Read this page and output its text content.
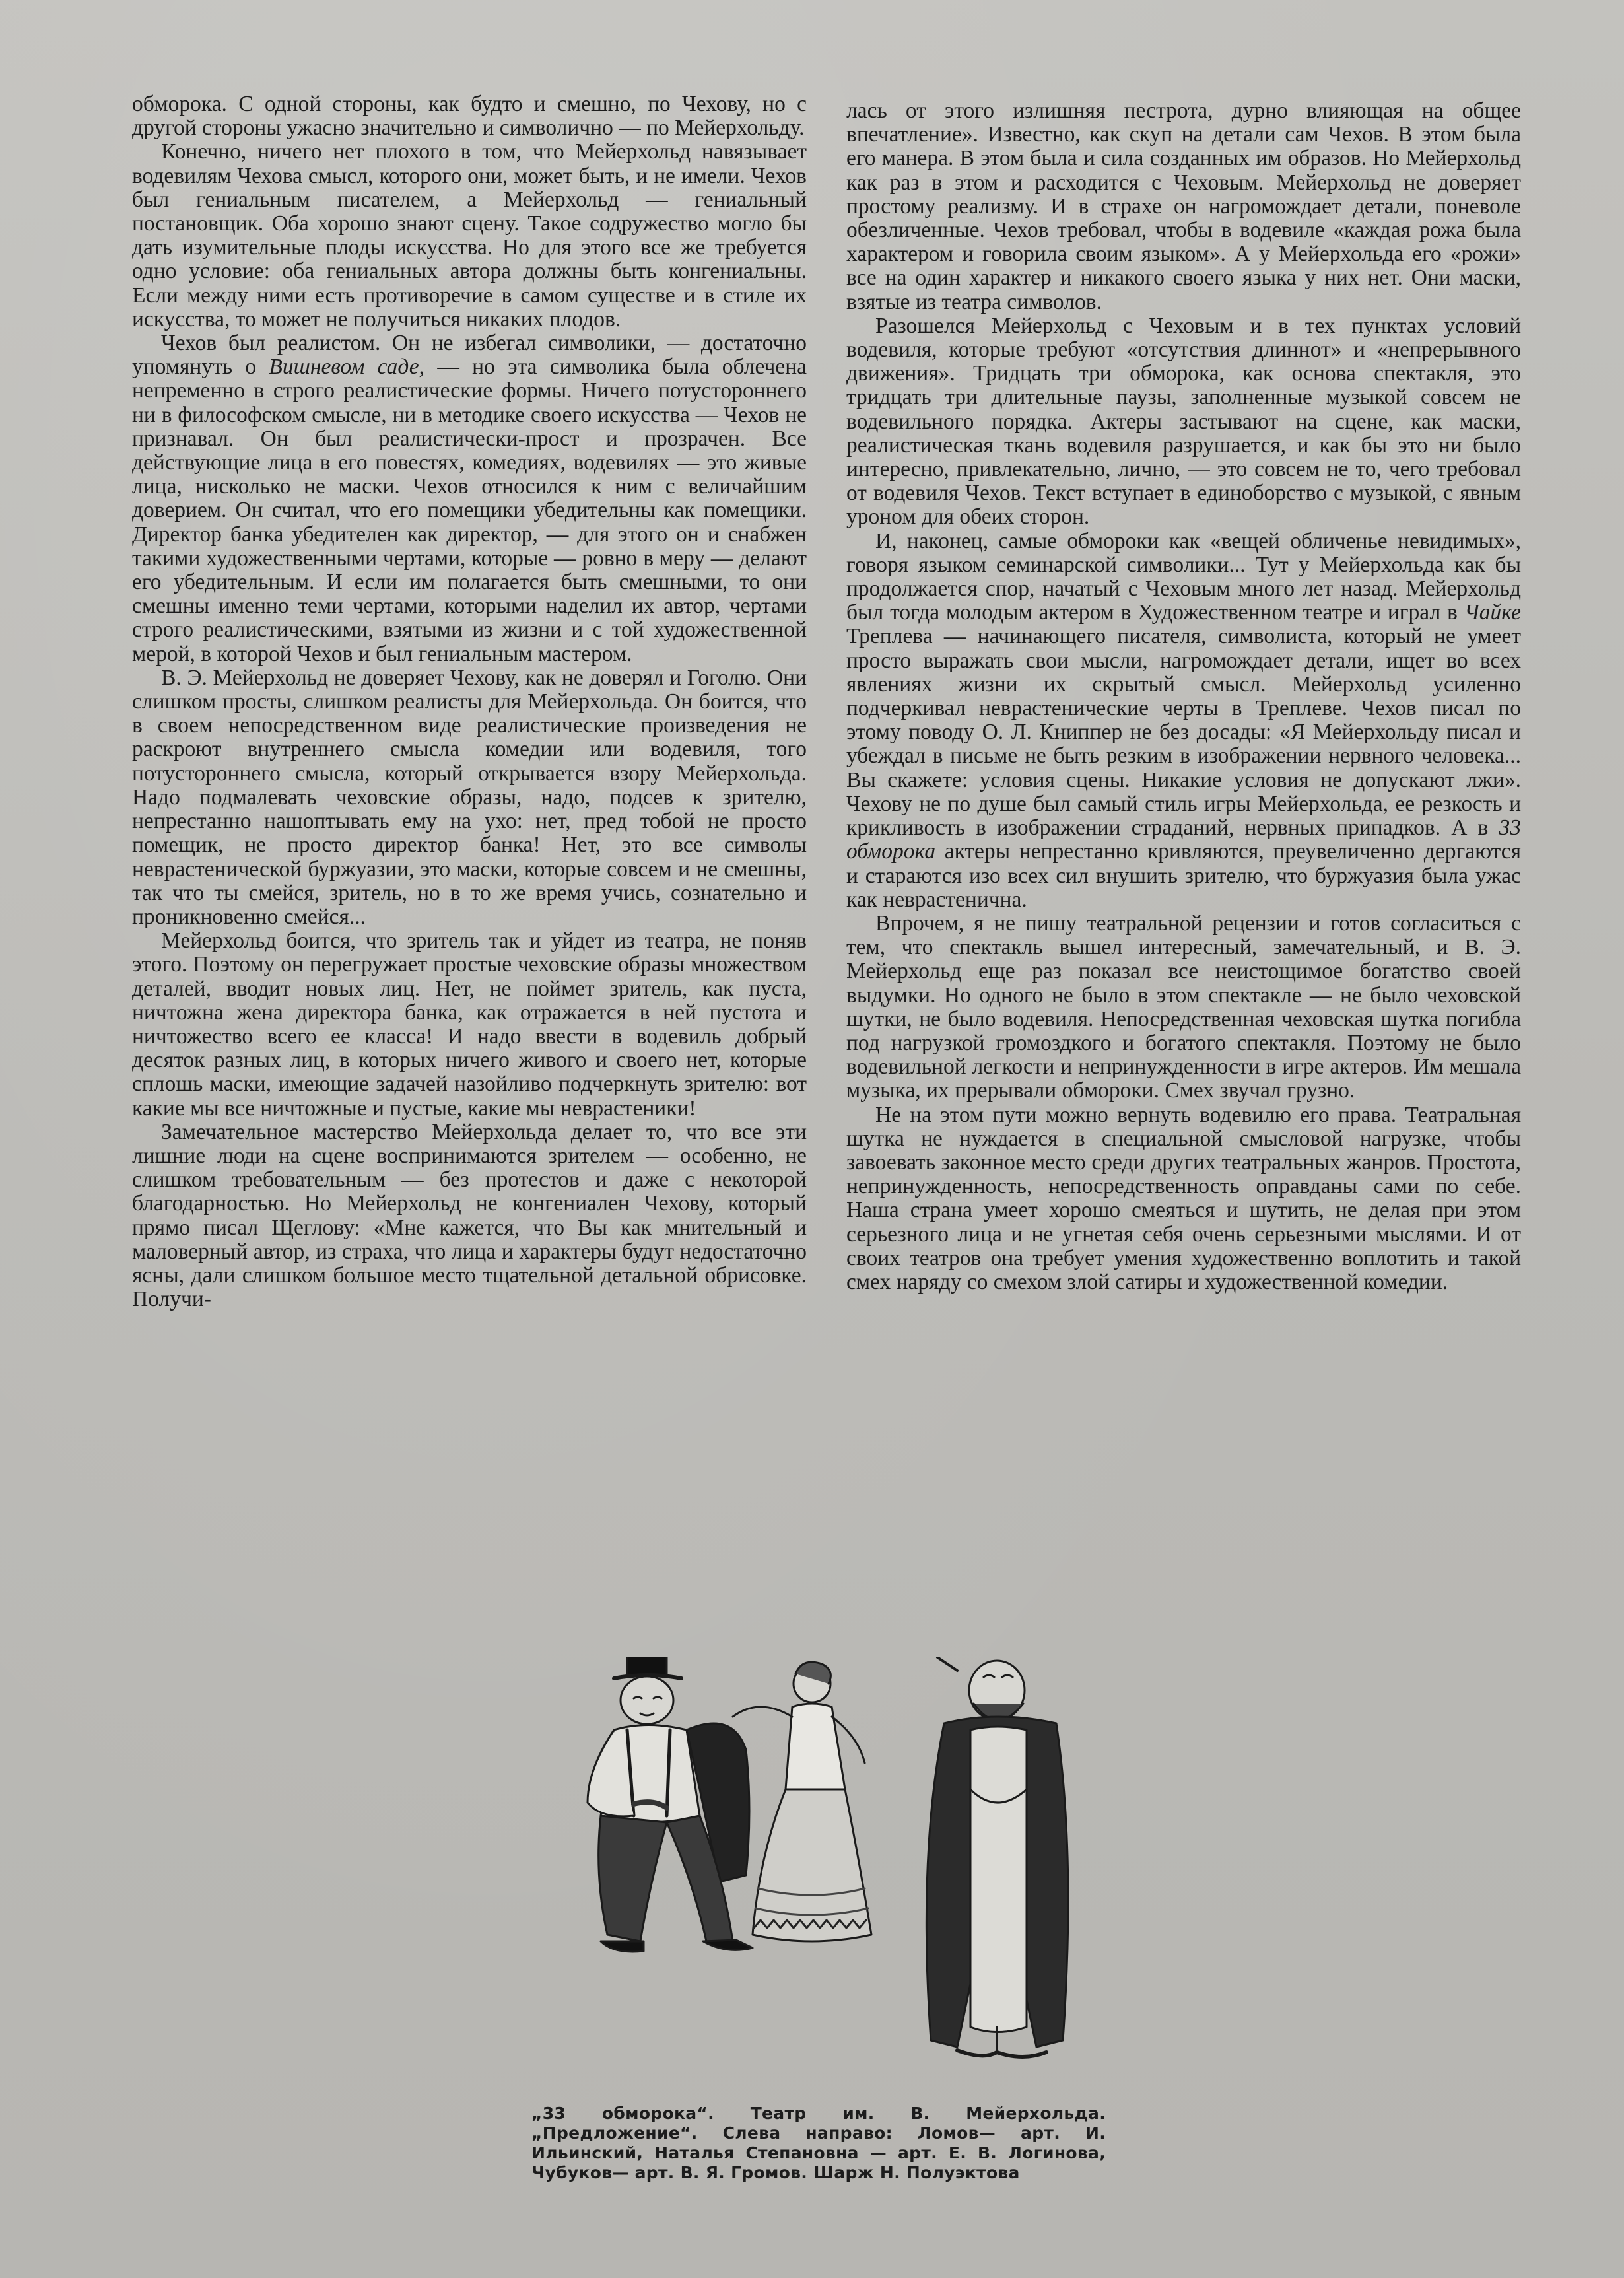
обморока. С одной стороны, как будто и смешно, по Чехову, но с другой стороны ужасно значительно и символично — по Мейерхольду.

Конечно, ничего нет плохого в том, что Мейерхольд навязывает водевилям Чехова смысл, которого они, может быть, и не имели. Чехов был гениальным писателем, а Мейерхольд — гениальный постановщик. Оба хорошо знают сцену. Такое содружество могло бы дать изумительные плоды искусства. Но для этого все же требуется одно условие: оба гениальных автора должны быть конгениальны. Если между ними есть противоречие в самом существе и в стиле их искусства, то может не получиться никаких плодов.

Чехов был реалистом. Он не избегал символики, — достаточно упомянуть о Вишневом саде, — но эта символика была облечена непременно в строго реалистические формы. Ничего потустороннего ни в философском смысле, ни в методике своего искусства — Чехов не признавал. Он был реалистически-прост и прозрачен. Все действующие лица в его повестях, комедиях, водевилях — это живые лица, нисколько не маски. Чехов относился к ним с величайшим доверием. Он считал, что его помещики убедительны как помещики. Директор банка убедителен как директор, — для этого он и снабжен такими художественными чертами, которые — ровно в меру — делают его убедительным. И если им полагается быть смешными, то они смешны именно теми чертами, которыми наделил их автор, чертами строго реалистическими, взятыми из жизни и с той художественной мерой, в которой Чехов и был гениальным мастером.

В. Э. Мейерхольд не доверяет Чехову, как не доверял и Гоголю. Они слишком просты, слишком реалисты для Мейерхольда. Он боится, что в своем непосредственном виде реалистические произведения не раскроют внутреннего смысла комедии или водевиля, того потустороннего смысла, который открывается взору Мейерхольда. Надо подмалевать чеховские образы, надо, подсев к зрителю, непрестанно нашоптывать ему на ухо: нет, пред тобой не просто помещик, не просто директор банка! Нет, это все символы неврастенической буржуазии, это маски, которые совсем и не смешны, так что ты смейся, зритель, но в то же время учись, сознательно и проникновенно смейся...

Мейерхольд боится, что зритель так и уйдет из театра, не поняв этого. Поэтому он перегружает простые чеховские образы множеством деталей, вводит новых лиц. Нет, не поймет зритель, как пуста, ничтожна жена директора банка, как отражается в ней пустота и ничтожество всего ее класса! И надо ввести в водевиль добрый десяток разных лиц, в которых ничего живого и своего нет, которые сплошь маски, имеющие задачей назойливо подчеркнуть зрителю: вот какие мы все ничтожные и пустые, какие мы неврастеники!

Замечательное мастерство Мейерхольда делает то, что все эти лишние люди на сцене воспринимаются зрителем — особенно, не слишком требовательным — без протестов и даже с некоторой благодарностью. Но Мейерхольд не конгениален Чехову, который прямо писал Щеглову: «Мне кажется, что Вы как мнительный и маловерный автор, из страха, что лица и характеры будут недостаточно ясны, дали слишком большое место тщательной детальной обрисовке. Получи-

лась от этого излишняя пестрота, дурно влияющая на общее впечатление». Известно, как скуп на детали сам Чехов. В этом была его манера. В этом была и сила созданных им образов. Но Мейерхольд как раз в этом и расходится с Чеховым. Мейерхольд не доверяет простому реализму. И в страхе он нагромождает детали, поневоле обезличенные. Чехов требовал, чтобы в водевиле «каждая рожа была характером и говорила своим языком». А у Мейерхольда его «рожи» все на один характер и никакого своего языка у них нет. Они маски, взятые из театра символов.

Разошелся Мейерхольд с Чеховым и в тех пунктах условий водевиля, которые требуют «отсутствия длиннот» и «непрерывного движения». Тридцать три обморока, как основа спектакля, это тридцать три длительные паузы, заполненные музыкой совсем не водевильного порядка. Актеры застывают на сцене, как маски, реалистическая ткань водевиля разрушается, и как бы это ни было интересно, привлекательно, лично, — это совсем не то, чего требовал от водевиля Чехов. Текст вступает в единоборство с музыкой, с явным уроном для обеих сторон.

И, наконец, самые обмороки как «вещей обличенье невидимых», говоря языком семинарской символики... Тут у Мейерхольда как бы продолжается спор, начатый с Чеховым много лет назад. Мейерхольд был тогда молодым актером в Художественном театре и играл в Чайке Треплева — начинающего писателя, символиста, который не умеет просто выражать свои мысли, нагромождает детали, ищет во всех явлениях жизни их скрытый смысл. Мейерхольд усиленно подчеркивал неврастенические черты в Треплеве. Чехов писал по этому поводу О. Л. Книппер не без досады: «Я Мейерхольду писал и убеждал в письме не быть резким в изображении нервного человека... Вы скажете: условия сцены. Никакие условия не допускают лжи». Чехову не по душе был самый стиль игры Мейерхольда, ее резкость и крикливость в изображении страданий, нервных припадков. А в 33 обморока актеры непрестанно кривляются, преувеличенно дергаются и стараются изо всех сил внушить зрителю, что буржуазия была ужас как неврастенична.

Впрочем, я не пишу театральной рецензии и готов согласиться с тем, что спектакль вышел интересный, замечательный, и В. Э. Мейерхольд еще раз показал все неистощимое богатство своей выдумки. Но одного не было в этом спектакле — не было чеховской шутки, не было водевиля. Непосредственная чеховская шутка погибла под нагрузкой громоздкого и богатого спектакля. Поэтому не было водевильной легкости и непринужденности в игре актеров. Им мешала музыка, их прерывали обмороки. Смех звучал грузно.

Не на этом пути можно вернуть водевилю его права. Театральная шутка не нуждается в специальной смысловой нагрузке, чтобы завоевать законное место среди других театральных жанров. Простота, непринужденность, непосредственность оправданы сами по себе. Наша страна умеет хорошо смеяться и шутить, не делая при этом серьезного лица и не угнетая себя очень серьезными мыслями. И от своих театров она требует умения художественно воплотить и такой смех наряду со смехом злой сатиры и художественной комедии.

„33 обморока“. Театр им. В. Мейерхольда. „Предложение“. Слева направо: Ломов— арт. И. Ильинский, Наталья Степановна — арт. Е. В. Логинова, Чубуков— арт. В. Я. Громов. Шарж Н. Полуэктова
